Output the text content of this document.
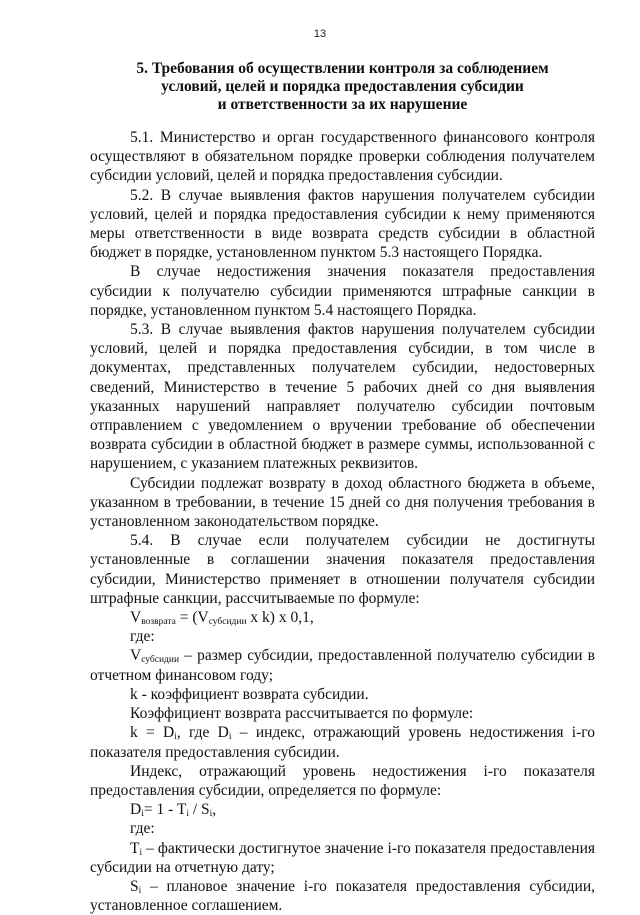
13
5. Требования об осуществлении контроля за соблюдением
условий, целей и порядка предоставления субсидии
и ответственности за их нарушение

5.1. Министерство и орган государственного финансового контроля осуществляют в обязательном порядке проверки соблюдения получателем субсидии условий, целей и порядка предоставления субсидии.

5.2. В случае выявления фактов нарушения получателем субсидии условий, целей и порядка предоставления субсидии к нему применяются меры ответственности в виде возврата средств субсидии в областной бюджет в порядке, установленном пунктом 5.3 настоящего Порядка.

В случае недостижения значения показателя предоставления субсидии к получателю субсидии применяются штрафные санкции в порядке, установленном пунктом 5.4 настоящего Порядка.

5.3. В случае выявления фактов нарушения получателем субсидии условий, целей и порядка предоставления субсидии, в том числе в документах, представленных получателем субсидии, недостоверных сведений, Министерство в течение 5 рабочих дней со дня выявления указанных нарушений направляет получателю субсидии почтовым отправлением с уведомлением о вручении требование об обеспечении возврата субсидии в областной бюджет в размере суммы, использованной с нарушением, с указанием платежных реквизитов.

Субсидии подлежат возврату в доход областного бюджета в объеме, указанном в требовании, в течение 15 дней со дня получения требования в установленном законодательством порядке.

5.4. В случае если получателем субсидии не достигнуты установленные в соглашении значения показателя предоставления субсидии, Министерство применяет в отношении получателя субсидии штрафные санкции, рассчитываемые по формуле:

$V_{возврата} = (V_{субсидии}$ x k) x 0,1,

где:

$V_{субсидии}$ – размер субсидии, предоставленной получателю субсидии в отчетном финансовом году;

k - коэффициент возврата субсидии.

Коэффициент возврата рассчитывается по формуле:

$k = D_i$, где $D_i$ – индекс, отражающий уровень недостижения i-го показателя предоставления субсидии.

Индекс, отражающий уровень недостижения i-го показателя предоставления субсидии, определяется по формуле:

$D_i= 1 - T_i / S_i$,

где:

$T_i$ – фактически достигнутое значение i-го показателя предоставления субсидии на отчетную дату;

$S_i$ – плановое значение i-го показателя предоставления субсидии, установленное соглашением.
